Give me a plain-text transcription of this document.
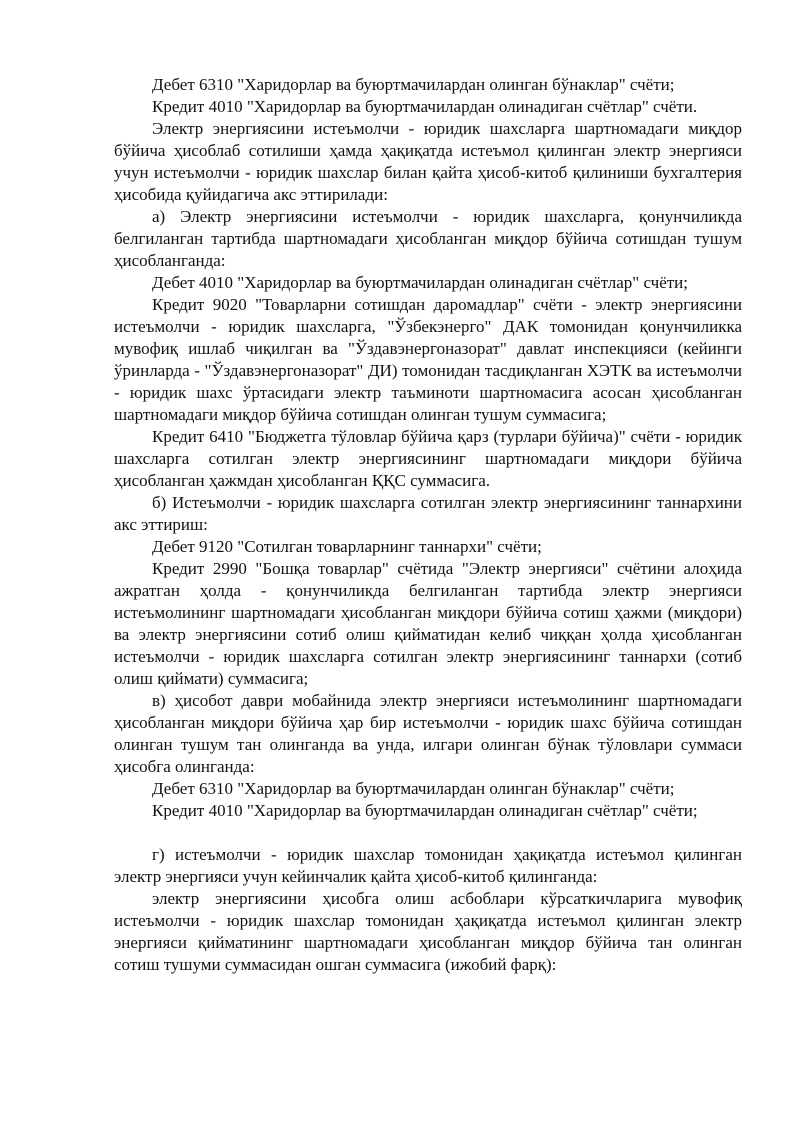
Дебет 6310 "Харидорлар ва буюртмачилардан олинган бўнаклар" счёти;

Кредит 4010 "Харидорлар ва буюртмачилардан олинадиган счётлар" счёти.

Электр энергиясини истеъмолчи - юридик шахсларга шартномадаги миқдор бўйича ҳисоблаб сотилиши ҳамда ҳақиқатда истеъмол қилинган электр энергияси учун истеъмолчи - юридик шахслар билан қайта ҳисоб-китоб қилиниши бухгалтерия ҳисобида қуйидагича акс эттирилади:

а) Электр энергиясини истеъмолчи - юридик шахсларга, қонунчиликда белгиланган тартибда шартномадаги ҳисобланган миқдор бўйича сотишдан тушум ҳисобланганда:

Дебет 4010 "Харидорлар ва буюртмачилардан олинадиган счётлар" счёти;

Кредит 9020 "Товарларни сотишдан даромадлар" счёти - электр энергиясини истеъмолчи - юридик шахсларга, "Ўзбекэнерго" ДАК томонидан қонунчиликка мувофиқ ишлаб чиқилган ва "Ўздавэнергоназорат" давлат инспекцияси (кейинги ўринларда - "Ўздавэнергоназорат" ДИ) томонидан тасдиқланган ХЭТК ва истеъмолчи - юридик шахс ўртасидаги электр таъминоти шартномасига асосан ҳисобланган шартномадаги миқдор бўйича сотишдан олинган тушум суммасига;

Кредит 6410 "Бюджетга тўловлар бўйича қарз (турлари бўйича)" счёти - юридик шахсларга сотилган электр энергиясининг шартномадаги миқдори бўйича ҳисобланган ҳажмдан ҳисобланган ҚҚС суммасига.

б) Истеъмолчи - юридик шахсларга сотилган электр энергиясининг таннархини акс эттириш:

Дебет 9120 "Сотилган товарларнинг таннархи" счёти;

Кредит 2990 "Бошқа товарлар" счётида "Электр энергияси" счётини алоҳида ажратган ҳолда - қонунчиликда белгиланган тартибда электр энергияси истеъмолининг шартномадаги ҳисобланган миқдори бўйича сотиш ҳажми (миқдори) ва электр энергиясини сотиб олиш қийматидан келиб чиққан ҳолда ҳисобланган истеъмолчи - юридик шахсларга сотилган электр энергиясининг таннархи (сотиб олиш қиймати) суммасига;

в) ҳисобот даври мобайнида электр энергияси истеъмолининг шартномадаги ҳисобланган миқдори бўйича ҳар бир истеъмолчи - юридик шахс бўйича сотишдан олинган тушум тан олинганда ва унда, илгари олинган бўнак тўловлари суммаси ҳисобга олинганда:

Дебет 6310 "Харидорлар ва буюртмачилардан олинган бўнаклар" счёти;

Кредит 4010 "Харидорлар ва буюртмачилардан олинадиган счётлар" счёти;

г) истеъмолчи - юридик шахслар томонидан ҳақиқатда истеъмол қилинган электр энергияси учун кейинчалик қайта ҳисоб-китоб қилинганда:

электр энергиясини ҳисобга олиш асбоблари кўрсаткичларига мувофиқ истеъмолчи - юридик шахслар томонидан ҳақиқатда истеъмол қилинган электр энергияси қийматининг шартномадаги ҳисобланган миқдор бўйича тан олинган сотиш тушуми суммасидан ошган суммасига (ижобий фарқ):
